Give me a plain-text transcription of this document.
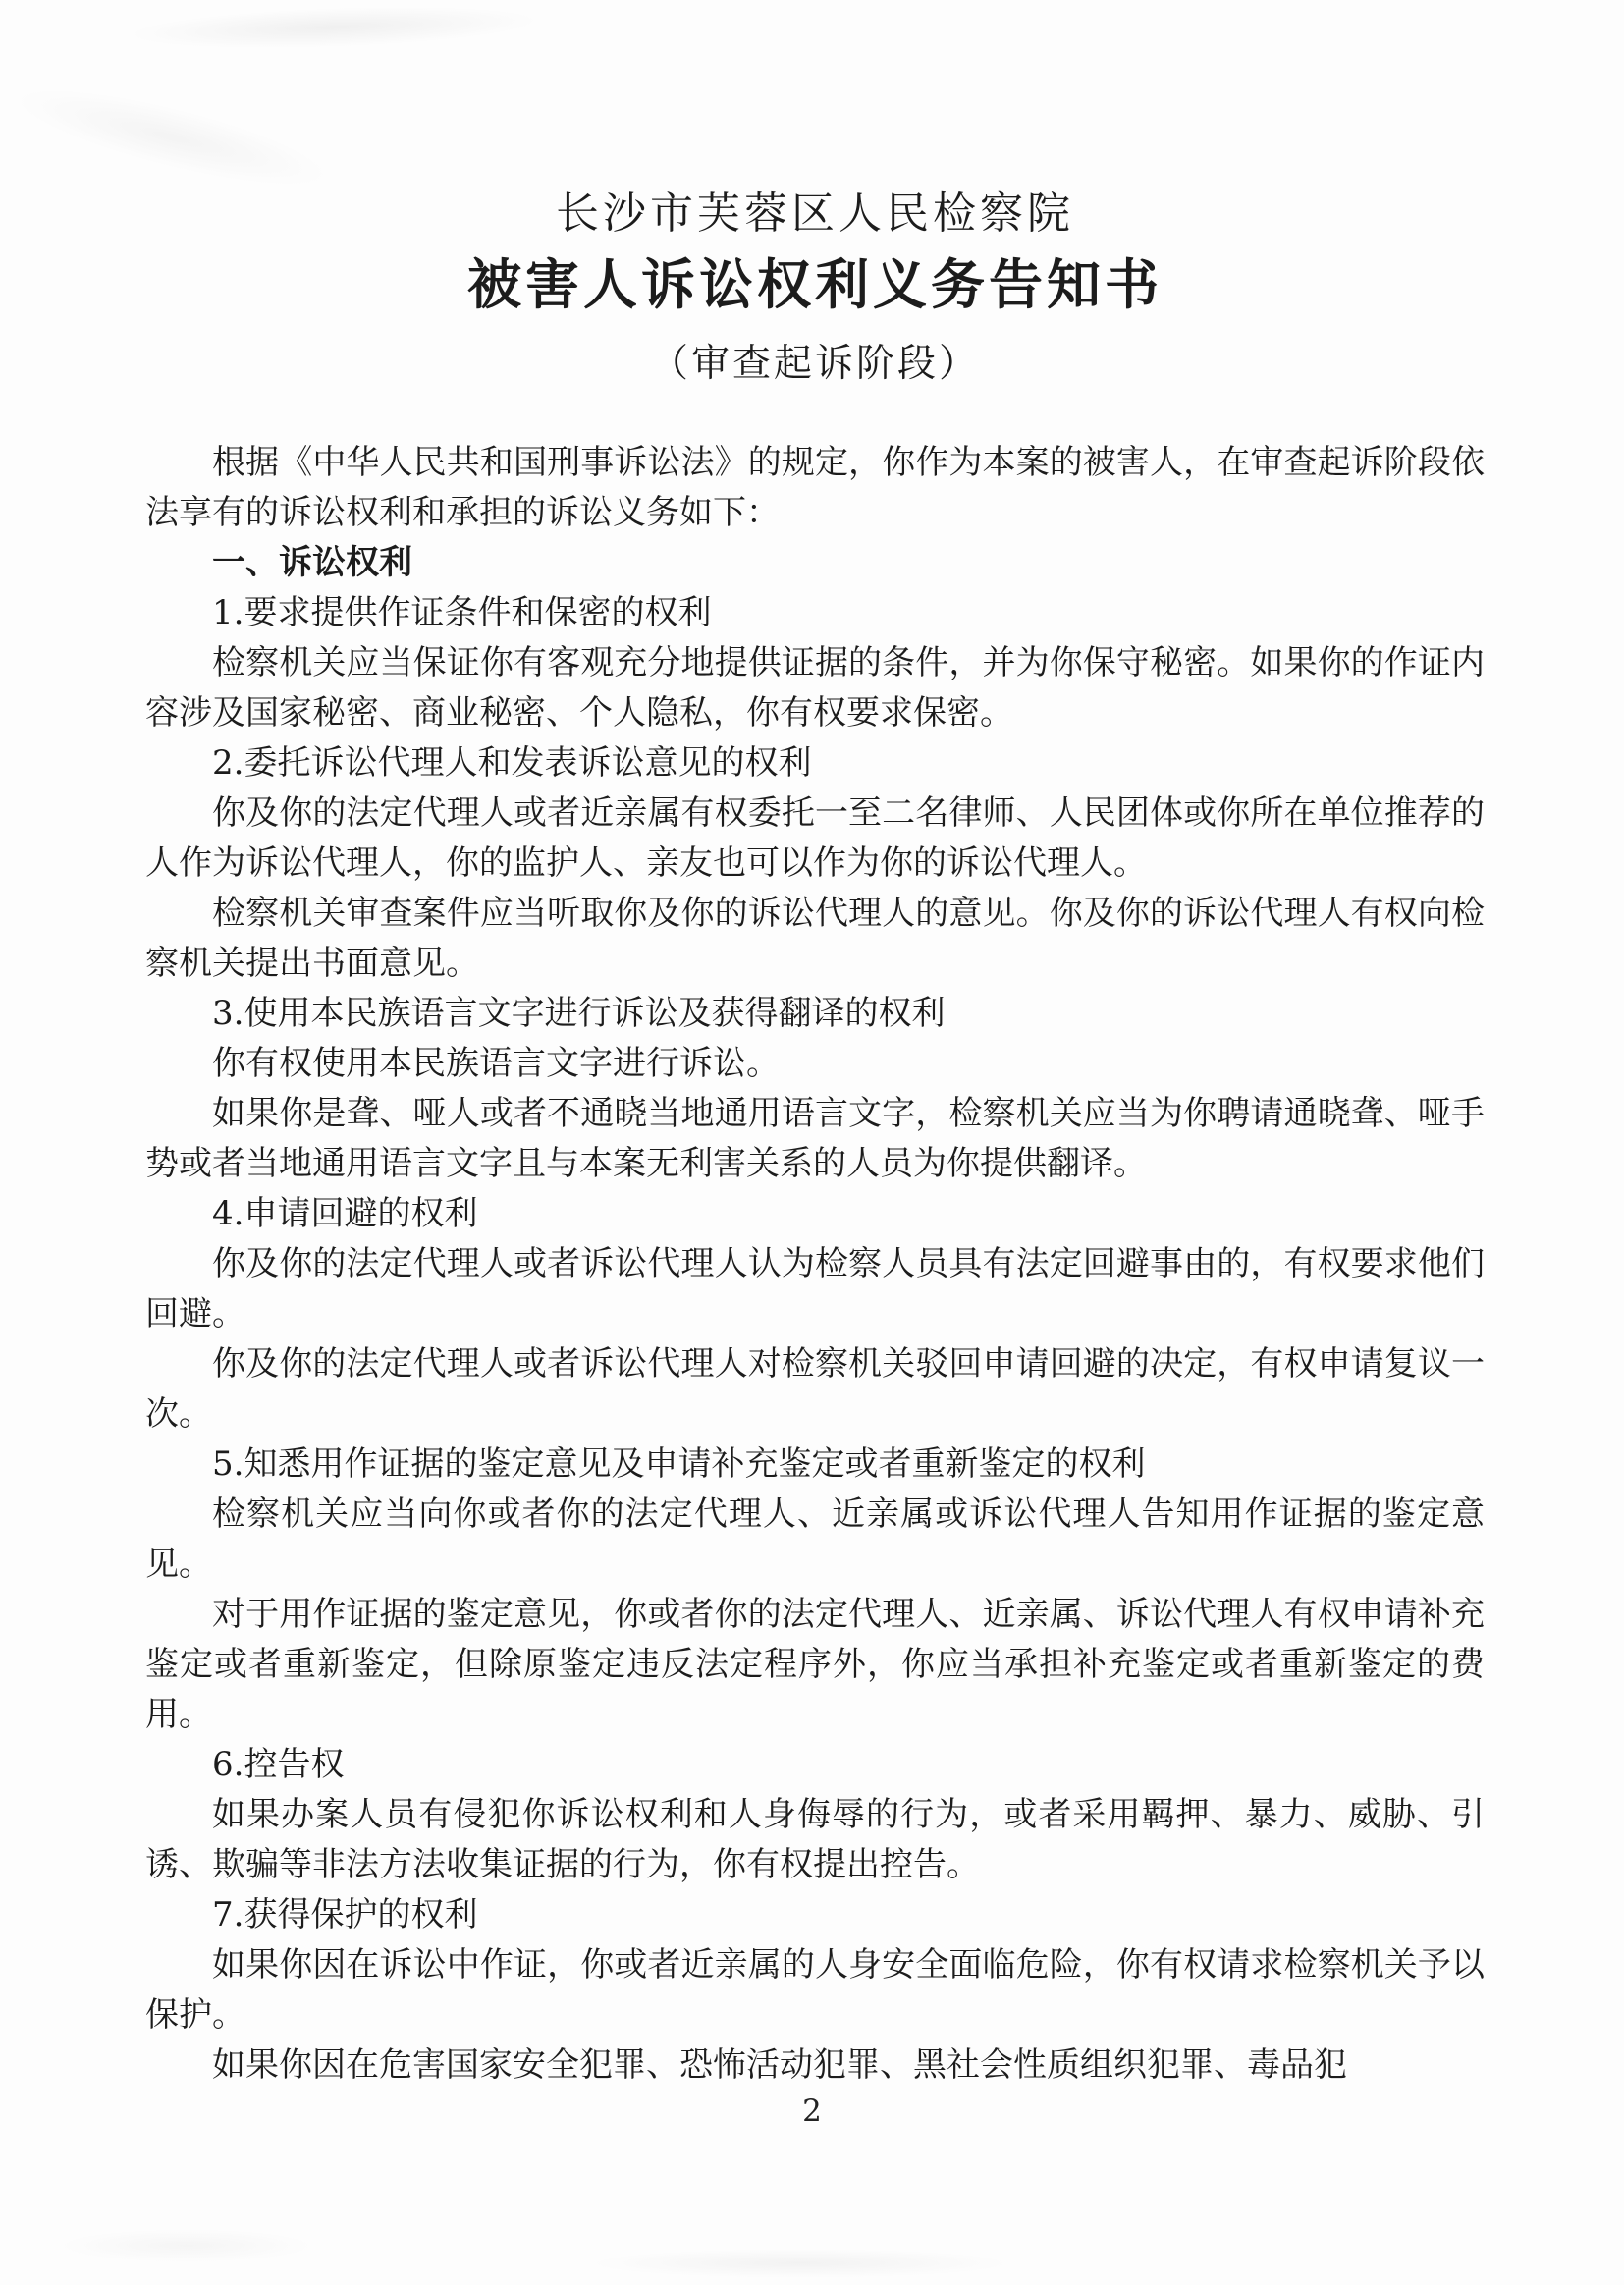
长沙市芙蓉区人民检察院
被害人诉讼权利义务告知书
（审查起诉阶段）

根据《中华人民共和国刑事诉讼法》的规定，你作为本案的被害人，在审查起诉阶段依法享有的诉讼权利和承担的诉讼义务如下：

一、诉讼权利

1.要求提供作证条件和保密的权利

检察机关应当保证你有客观充分地提供证据的条件，并为你保守秘密。如果你的作证内容涉及国家秘密、商业秘密、个人隐私，你有权要求保密。

2.委托诉讼代理人和发表诉讼意见的权利

你及你的法定代理人或者近亲属有权委托一至二名律师、人民团体或你所在单位推荐的人作为诉讼代理人，你的监护人、亲友也可以作为你的诉讼代理人。

检察机关审查案件应当听取你及你的诉讼代理人的意见。你及你的诉讼代理人有权向检察机关提出书面意见。

3.使用本民族语言文字进行诉讼及获得翻译的权利

你有权使用本民族语言文字进行诉讼。

如果你是聋、哑人或者不通晓当地通用语言文字，检察机关应当为你聘请通晓聋、哑手势或者当地通用语言文字且与本案无利害关系的人员为你提供翻译。

4.申请回避的权利

你及你的法定代理人或者诉讼代理人认为检察人员具有法定回避事由的，有权要求他们回避。

你及你的法定代理人或者诉讼代理人对检察机关驳回申请回避的决定，有权申请复议一次。

5.知悉用作证据的鉴定意见及申请补充鉴定或者重新鉴定的权利

检察机关应当向你或者你的法定代理人、近亲属或诉讼代理人告知用作证据的鉴定意见。

对于用作证据的鉴定意见，你或者你的法定代理人、近亲属、诉讼代理人有权申请补充鉴定或者重新鉴定，但除原鉴定违反法定程序外，你应当承担补充鉴定或者重新鉴定的费用。

6.控告权

如果办案人员有侵犯你诉讼权利和人身侮辱的行为，或者采用羁押、暴力、威胁、引诱、欺骗等非法方法收集证据的行为，你有权提出控告。

7.获得保护的权利

如果你因在诉讼中作证，你或者近亲属的人身安全面临危险，你有权请求检察机关予以保护。

如果你因在危害国家安全犯罪、恐怖活动犯罪、黑社会性质组织犯罪、毒品犯

2
